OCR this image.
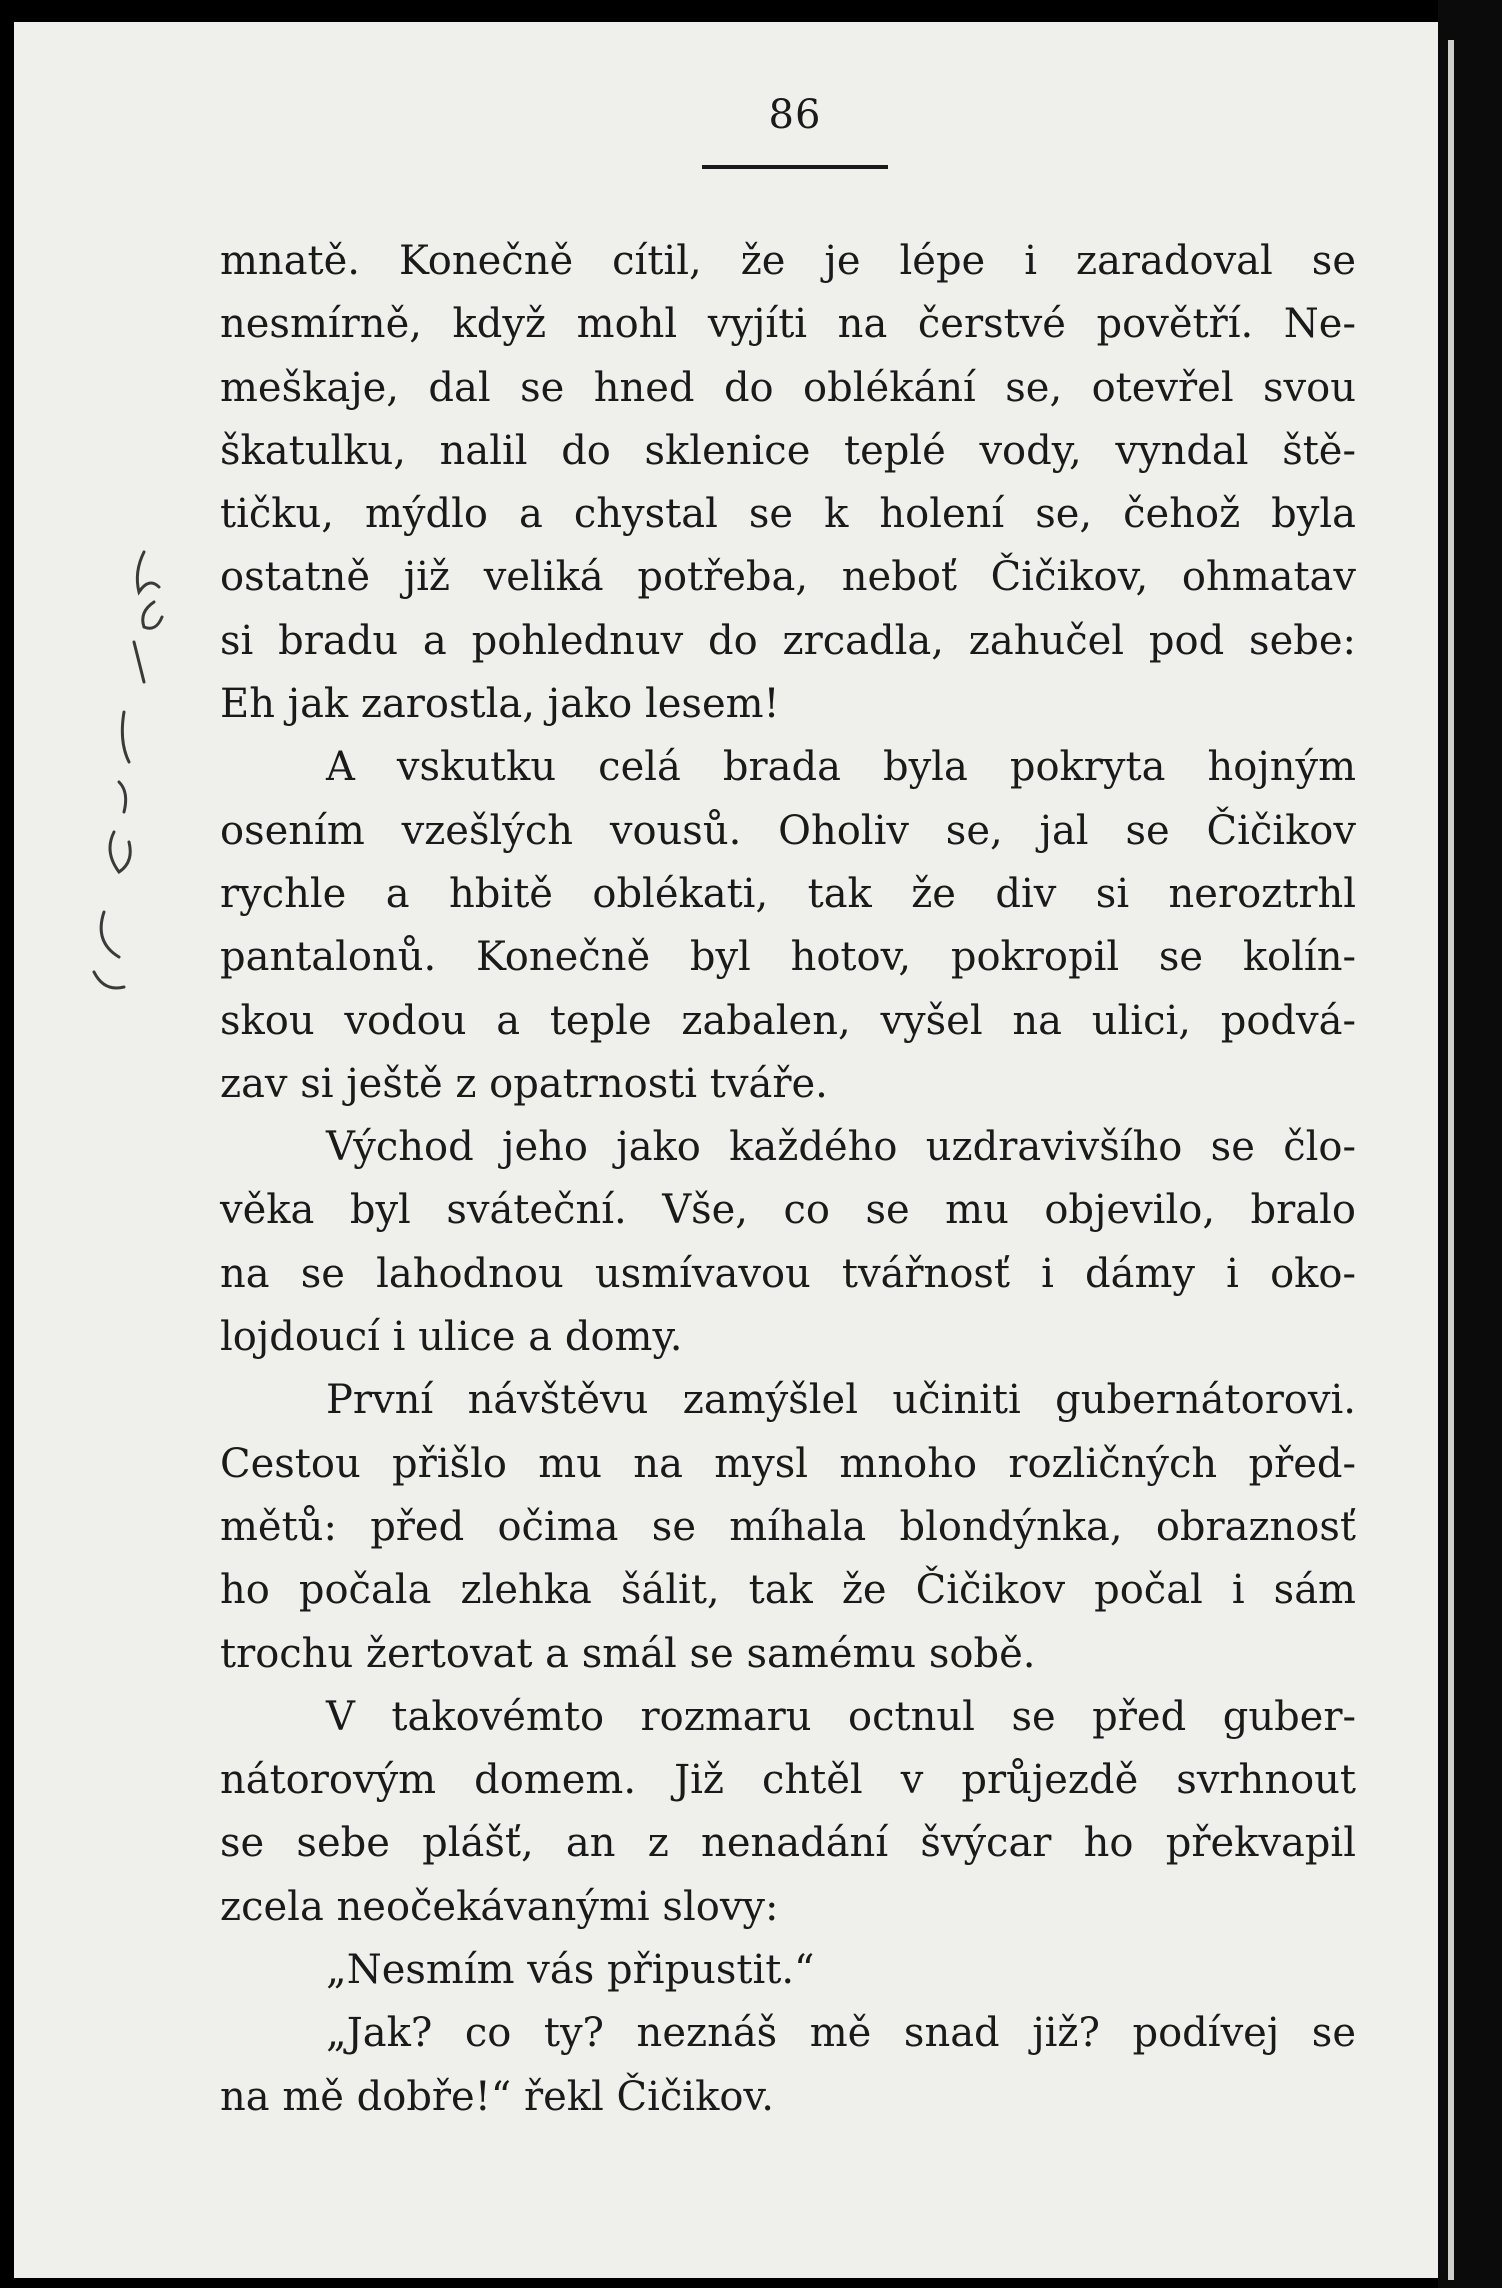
86
mnatě. Konečně cítil, že je lépe i zaradoval se
nesmírně, když mohl vyjíti na čerstvé povětří. Ne-
meškaje, dal se hned do oblékání se, otevřel svou
škatulku, nalil do sklenice teplé vody, vyndal ště-
tičku, mýdlo a chystal se k holení se, čehož byla
ostatně již veliká potřeba, neboť Čičikov, ohmatav
si bradu a pohlednuv do zrcadla, zahučel pod sebe:
Eh jak zarostla, jako lesem!
A vskutku celá brada byla pokryta hojným
osením vzešlých vousů. Oholiv se, jal se Čičikov
rychle a hbitě oblékati, tak že div si neroztrhl
pantalonů. Konečně byl hotov, pokropil se kolín-
skou vodou a teple zabalen, vyšel na ulici, podvá-
zav si ještě z opatrnosti tváře.
Východ jeho jako každého uzdravivšího se člo-
věka byl sváteční. Vše, co se mu objevilo, bralo
na se lahodnou usmívavou tvářnosť i dámy i oko-
lojdoucí i ulice a domy.
První návštěvu zamýšlel učiniti gubernátorovi.
Cestou přišlo mu na mysl mnoho rozličných před-
mětů: před očima se míhala blondýnka, obraznosť
ho počala zlehka šálit, tak že Čičikov počal i sám
trochu žertovat a smál se samému sobě.
V takovémto rozmaru octnul se před guber-
nátorovým domem. Již chtěl v průjezdě svrhnout
se sebe plášť, an z nenadání švýcar ho překvapil
zcela neočekávanými slovy:
„Nesmím vás připustit.“
„Jak? co ty? neznáš mě snad již? podívej se
na mě dobře!“ řekl Čičikov.
